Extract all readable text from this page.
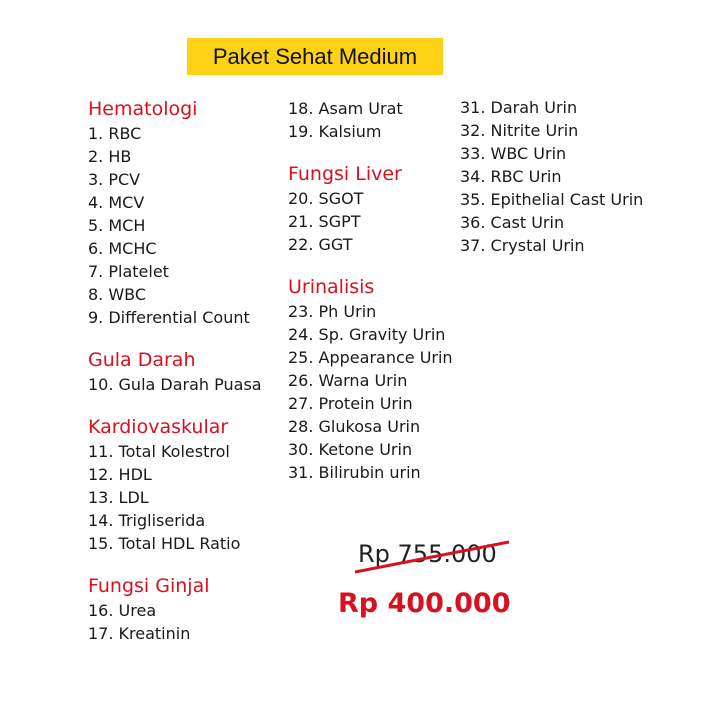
Paket Sehat Medium
Hematologi
1. RBC
2. HB
3. PCV
4. MCV
5. MCH
6. MCHC
7. Platelet
8. WBC
9. Differential Count
Gula Darah
10. Gula Darah Puasa
Kardiovaskular
11. Total Kolestrol
12. HDL
13. LDL
14. Trigliserida
15. Total HDL Ratio
Fungsi Ginjal
16. Urea
17. Kreatinin
18. Asam Urat
19. Kalsium
Fungsi Liver
20. SGOT
21. SGPT
22. GGT
Urinalisis
23. Ph Urin
24. Sp. Gravity Urin
25. Appearance Urin
26. Warna Urin
27. Protein Urin
28. Glukosa Urin
30. Ketone Urin
31. Bilirubin urin
31. Darah Urin
32. Nitrite Urin
33. WBC Urin
34. RBC Urin
35. Epithelial Cast Urin
36. Cast Urin
37. Crystal Urin
Rp 755.000
Rp 400.000
